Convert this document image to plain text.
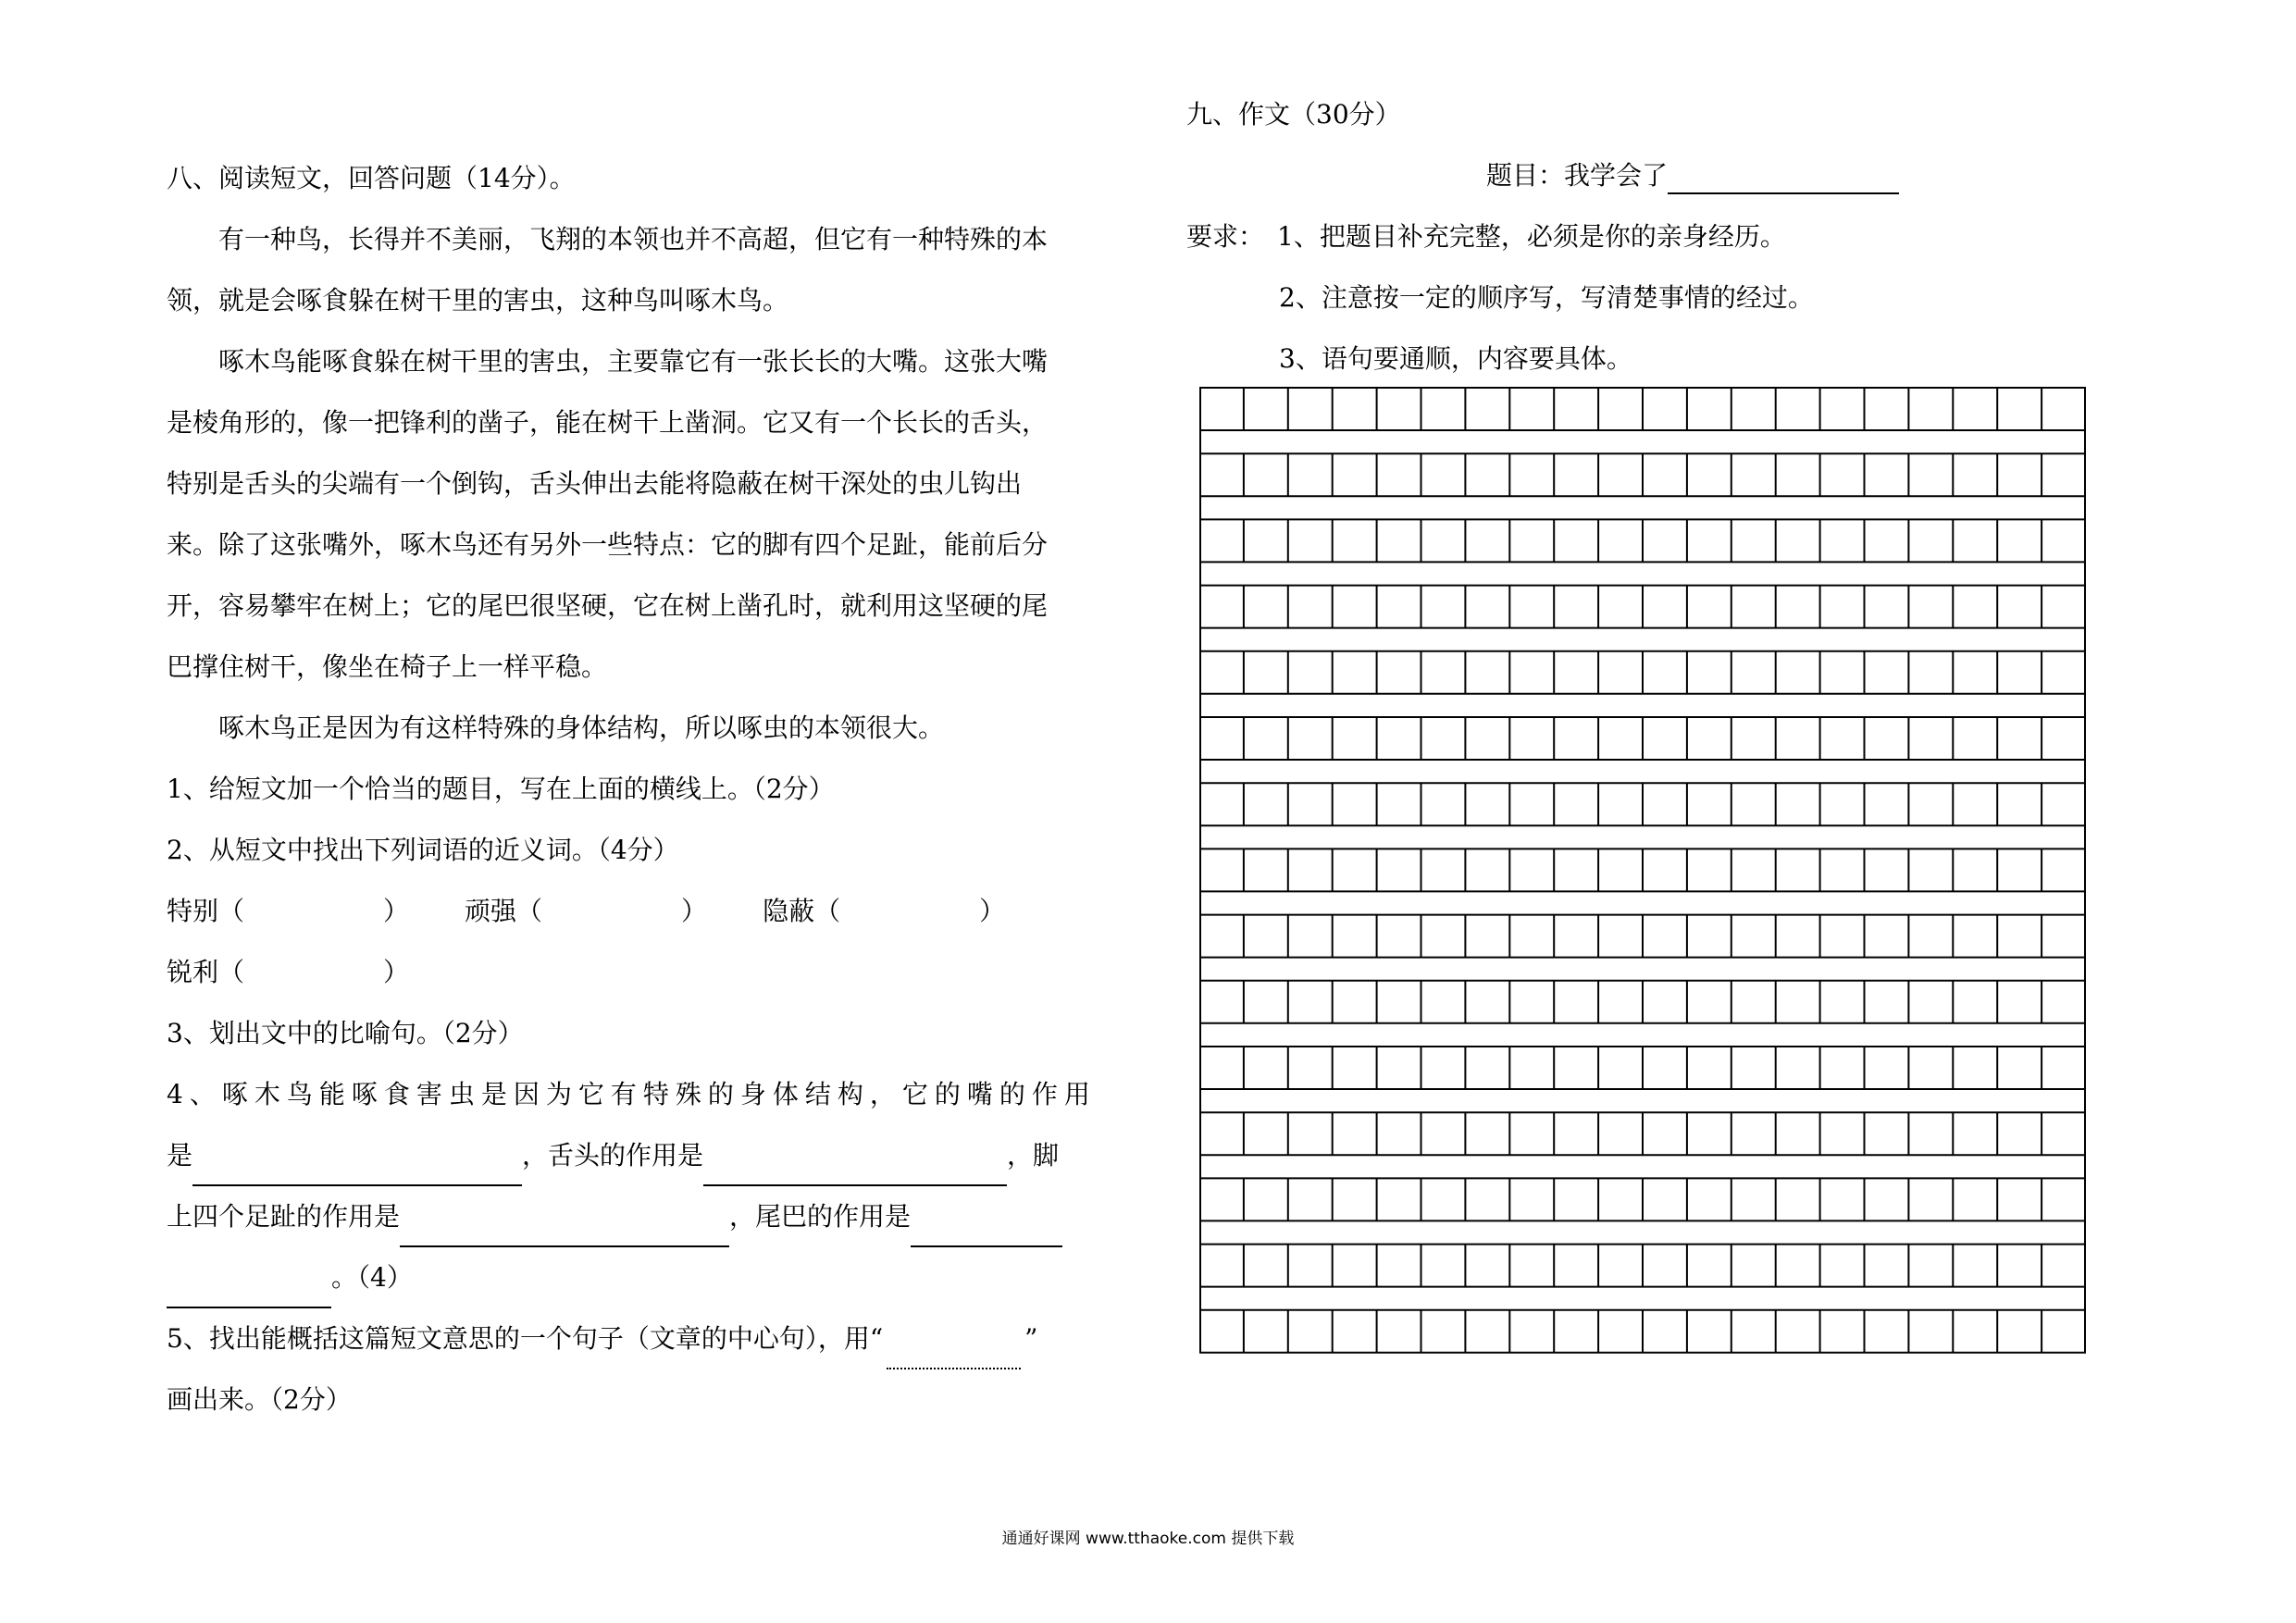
八、阅读短文，回答问题（14分）。
有一种鸟，长得并不美丽，飞翔的本领也并不高超，但它有一种特殊的本
领，就是会啄食躲在树干里的害虫，这种鸟叫啄木鸟。
啄木鸟能啄食躲在树干里的害虫，主要靠它有一张长长的大嘴。这张大嘴
是棱角形的，像一把锋利的凿子，能在树干上凿洞。它又有一个长长的舌头，
特别是舌头的尖端有一个倒钩，舌头伸出去能将隐蔽在树干深处的虫儿钩出
来。除了这张嘴外，啄木鸟还有另外一些特点：它的脚有四个足趾，能前后分
开，容易攀牢在树上；它的尾巴很坚硬，它在树上凿孔时，就利用这坚硬的尾
巴撑住树干，像坐在椅子上一样平稳。
啄木鸟正是因为有这样特殊的身体结构，所以啄虫的本领很大。
1、给短文加一个恰当的题目，写在上面的横线上。（2分）
2、从短文中找出下列词语的近义词。（4分）
特别（	） 顽强（	） 隐蔽（	）
锐利（	）
3、划出文中的比喻句。（2分）
4、啄木鸟能啄食害虫是因为它有特殊的身体结构，它的嘴的作用
是	，舌头的作用是	，脚
上四个足趾的作用是	，尾巴的作用是
。（4）
5、找出能概括这篇短文意思的一个句子（文章的中心句），用“	”
画出来。（2分）
九、作文（30分）
题目：我学会了
要求： 1、把题目补充完整，必须是你的亲身经历。
2、注意按一定的顺序写，写清楚事情的经过。
3、语句要通顺，内容要具体。
通通好课网 www.tthaoke.com 提供下载
